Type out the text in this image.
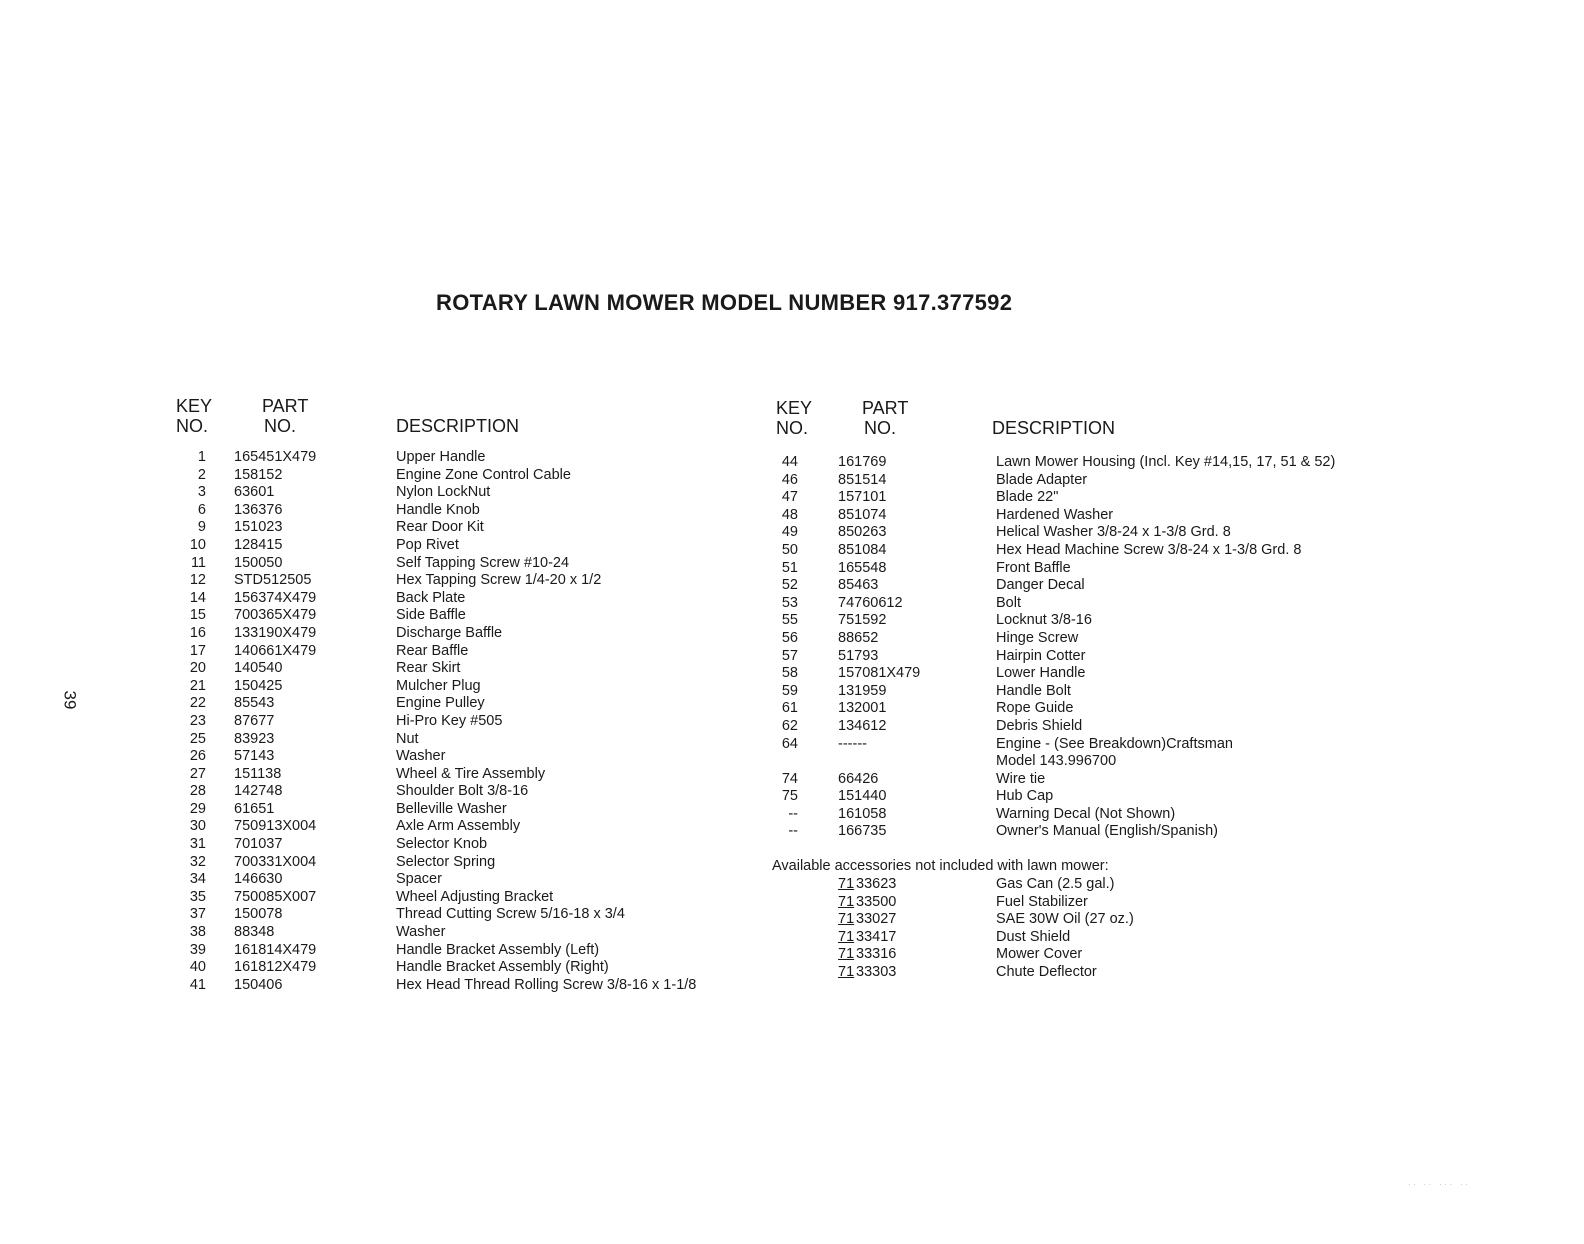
ROTARY LAWN MOWER MODEL NUMBER 917.377592
39
KEY
NO.
PART
NO.	DESCRIPTION
KEY
NO.
PART
NO.	DESCRIPTION
1 165451X479	Upper Handle
2 158152	Engine Zone Control Cable
3 63601	Nylon LockNut
6 136376	Handle Knob
9 151023	Rear Door Kit
10 128415	Pop Rivet
11 150050	Self Tapping Screw #10-24
12 STD512505	Hex Tapping Screw 1/4-20 x 1/2
14 156374X479	Back Plate
15 700365X479	Side Baffle
16 133190X479	Discharge Baffle
17 140661X479	Rear Baffle
20 140540	Rear Skirt
21 150425	Mulcher Plug
22 85543	Engine Pulley
23 87677	Hi-Pro Key #505
25 83923	Nut
26 57143	Washer
27 151138	Wheel & Tire Assembly
28 142748	Shoulder Bolt 3/8-16
29 61651	Belleville Washer
30 750913X004	Axle Arm Assembly
31 701037	Selector Knob
32 700331X004	Selector Spring
34 146630	Spacer
35 750085X007	Wheel Adjusting Bracket
37 150078	Thread Cutting Screw 5/16-18 x 3/4
38 88348	Washer
39 161814X479	Handle Bracket Assembly (Left)
40 161812X479	Handle Bracket Assembly (Right)
41 150406	Hex Head Thread Rolling Screw 3/8-16 x 1-1/8
44	161769	Lawn Mower Housing (Incl. Key #14,15, 17, 51 & 52)
46	851514	Blade Adapter
47	157101	Blade 22"
48	851074	Hardened Washer
49	850263	Helical Washer 3/8-24 x 1-3/8 Grd. 8
50	851084	Hex Head Machine Screw 3/8-24 x 1-3/8 Grd. 8
51	165548	Front Baffle
52	85463	Danger Decal
53	74760612	Bolt
55	751592	Locknut 3/8-16
56	88652	Hinge Screw
57	51793	Hairpin Cotter
58	157081X479	Lower Handle
59	131959	Handle Bolt
61	132001	Rope Guide
62	134612	Debris Shield
64	------	Engine - (See Breakdown)Craftsman
Model 143.996700
74	66426	Wire tie
75	151440	Hub Cap
--	161058	Warning Decal (Not Shown)
--	166735	Owner's Manual (English/Spanish)
Available accessories not included with lawn mower:
71 33623	Gas Can (2.5 gal.)
71 33500	Fuel Stabilizer
71 33027	SAE 30W Oil (27 oz.)
71 33417	Dust Shield
71 33316	Mower Cover
71 33303	Chute Deflector
.. .. ... ..
